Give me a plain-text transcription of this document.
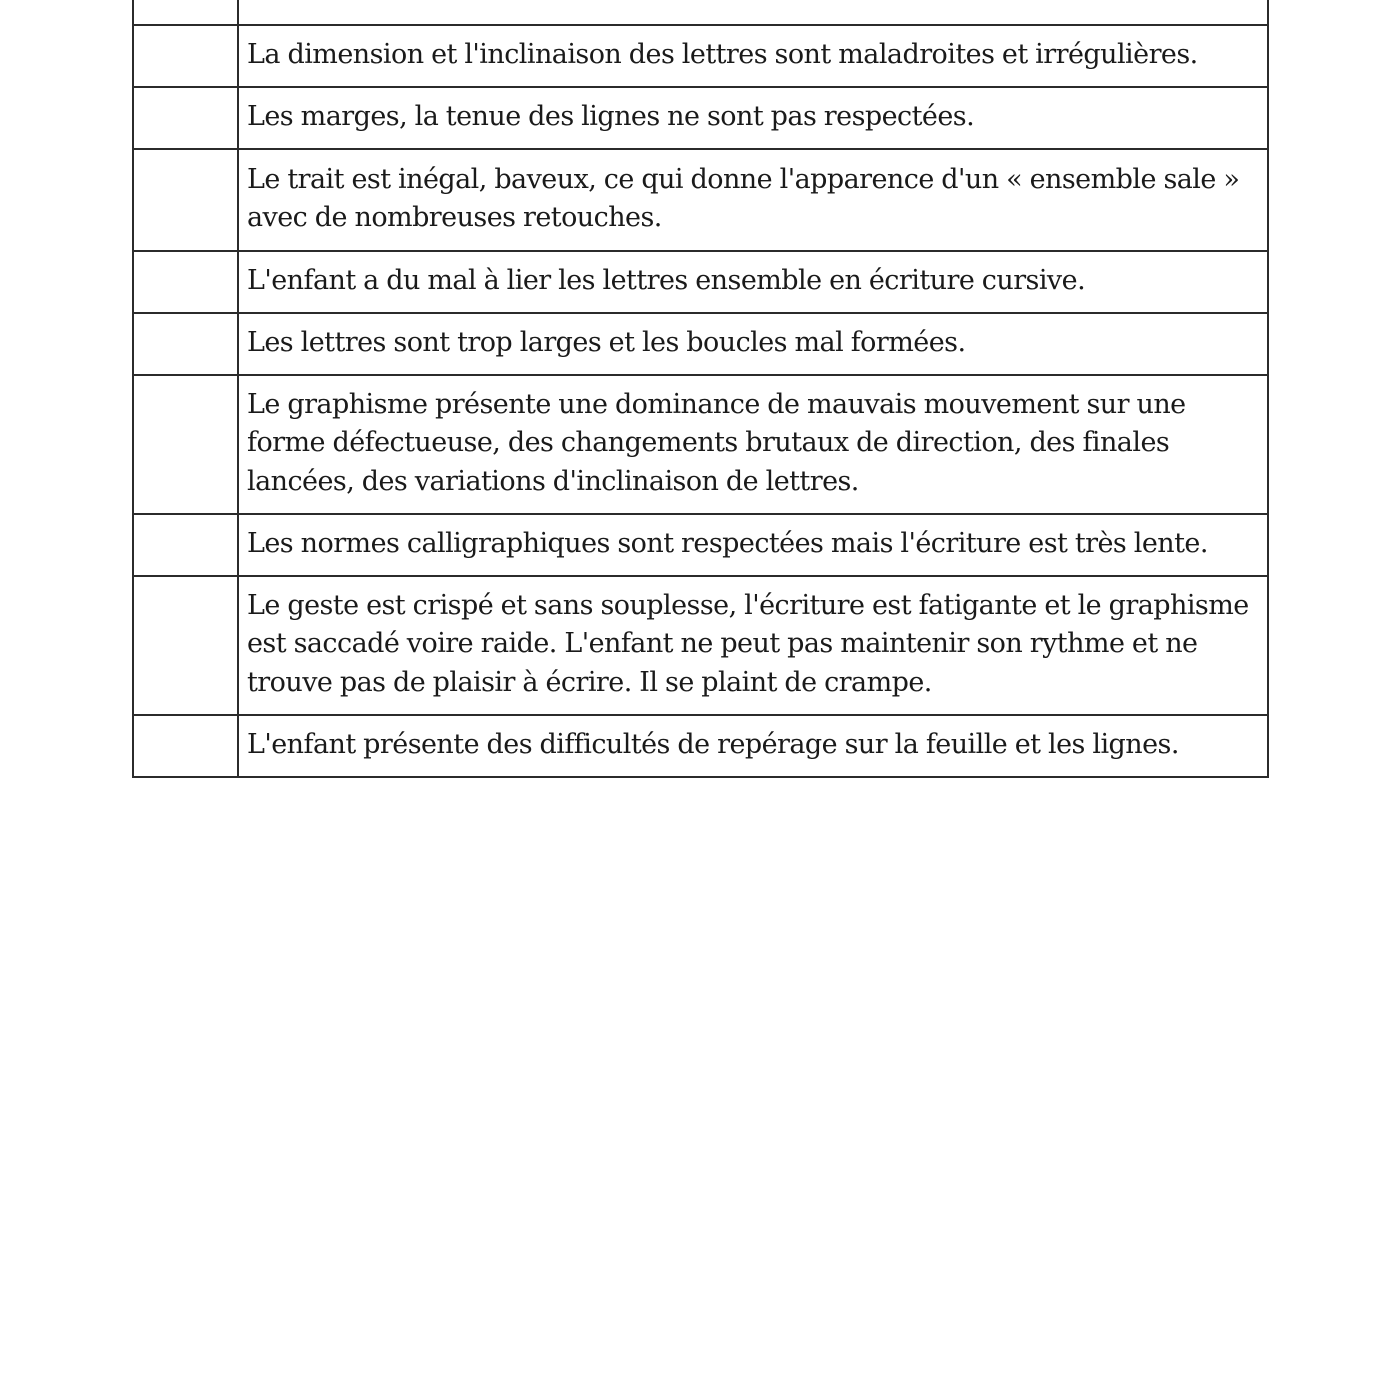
	La dimension et l'inclinaison des lettres sont maladroites et irrégulières.
	Les marges, la tenue des lignes ne sont pas respectées.
	Le trait est inégal, baveux, ce qui donne l'apparence d'un « ensemble sale » avec de nombreuses retouches.
	L'enfant a du mal à lier les lettres ensemble en écriture cursive.
	Les lettres sont trop larges et les boucles mal formées.
	Le graphisme présente une dominance de mauvais mouvement sur une forme défectueuse, des changements brutaux de direction, des finales lancées, des variations d'inclinaison de lettres.
	Les normes calligraphiques sont respectées mais l'écriture est très lente.
	Le geste est crispé et sans souplesse, l'écriture est fatigante et le graphisme est saccadé voire raide. L'enfant ne peut pas maintenir son rythme et ne trouve pas de plaisir à écrire. Il se plaint de crampe.
	L'enfant présente des difficultés de repérage sur la feuille et les lignes.
